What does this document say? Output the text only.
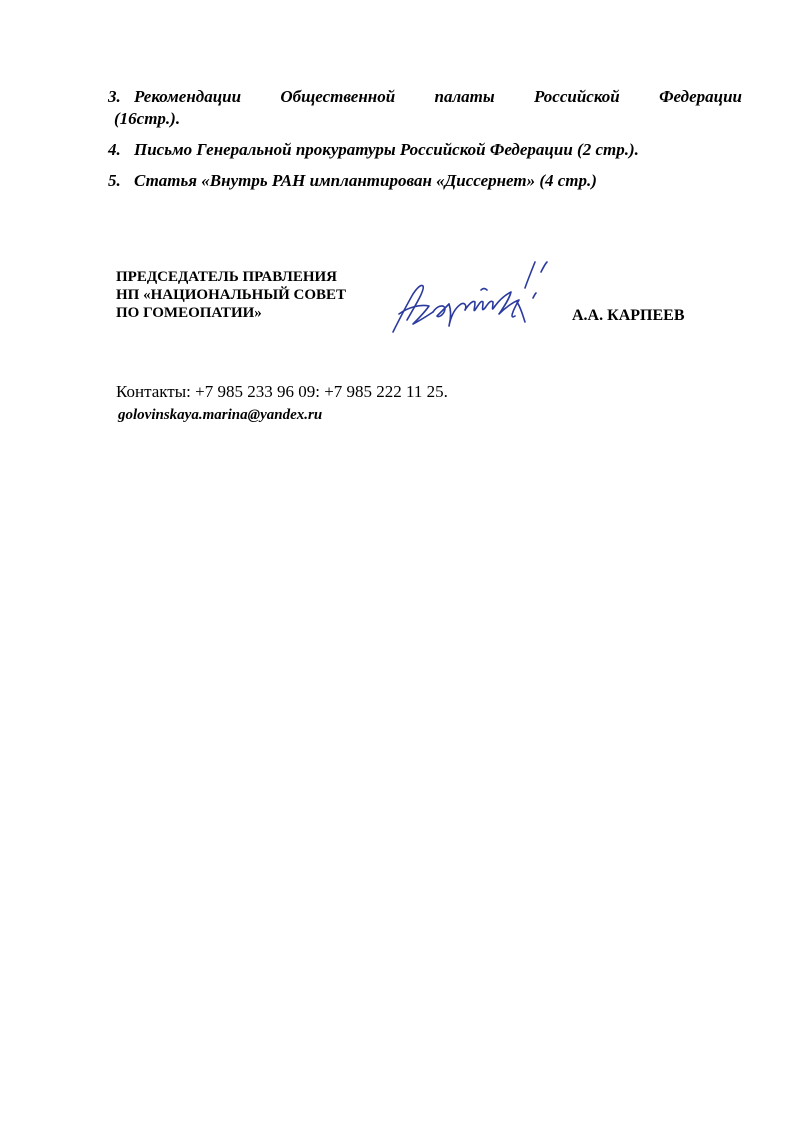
3. Рекомендации Общественной палаты Российской Федерации
(16стр.).
4. Письмо Генеральной прокуратуры Российской Федерации (2 стр.).
5. Статья «Внутрь РАН имплантирован «Диссернет» (4 стр.)
ПРЕДСЕДАТЕЛЬ ПРАВЛЕНИЯ
НП «НАЦИОНАЛЬНЫЙ СОВЕТ
ПО ГОМЕОПАТИИ»	А.А. КАРПЕЕВ
Контакты: +7 985 233 96 09: +7 985 222 11 25.
golovinskaya.marina@yandex.ru
